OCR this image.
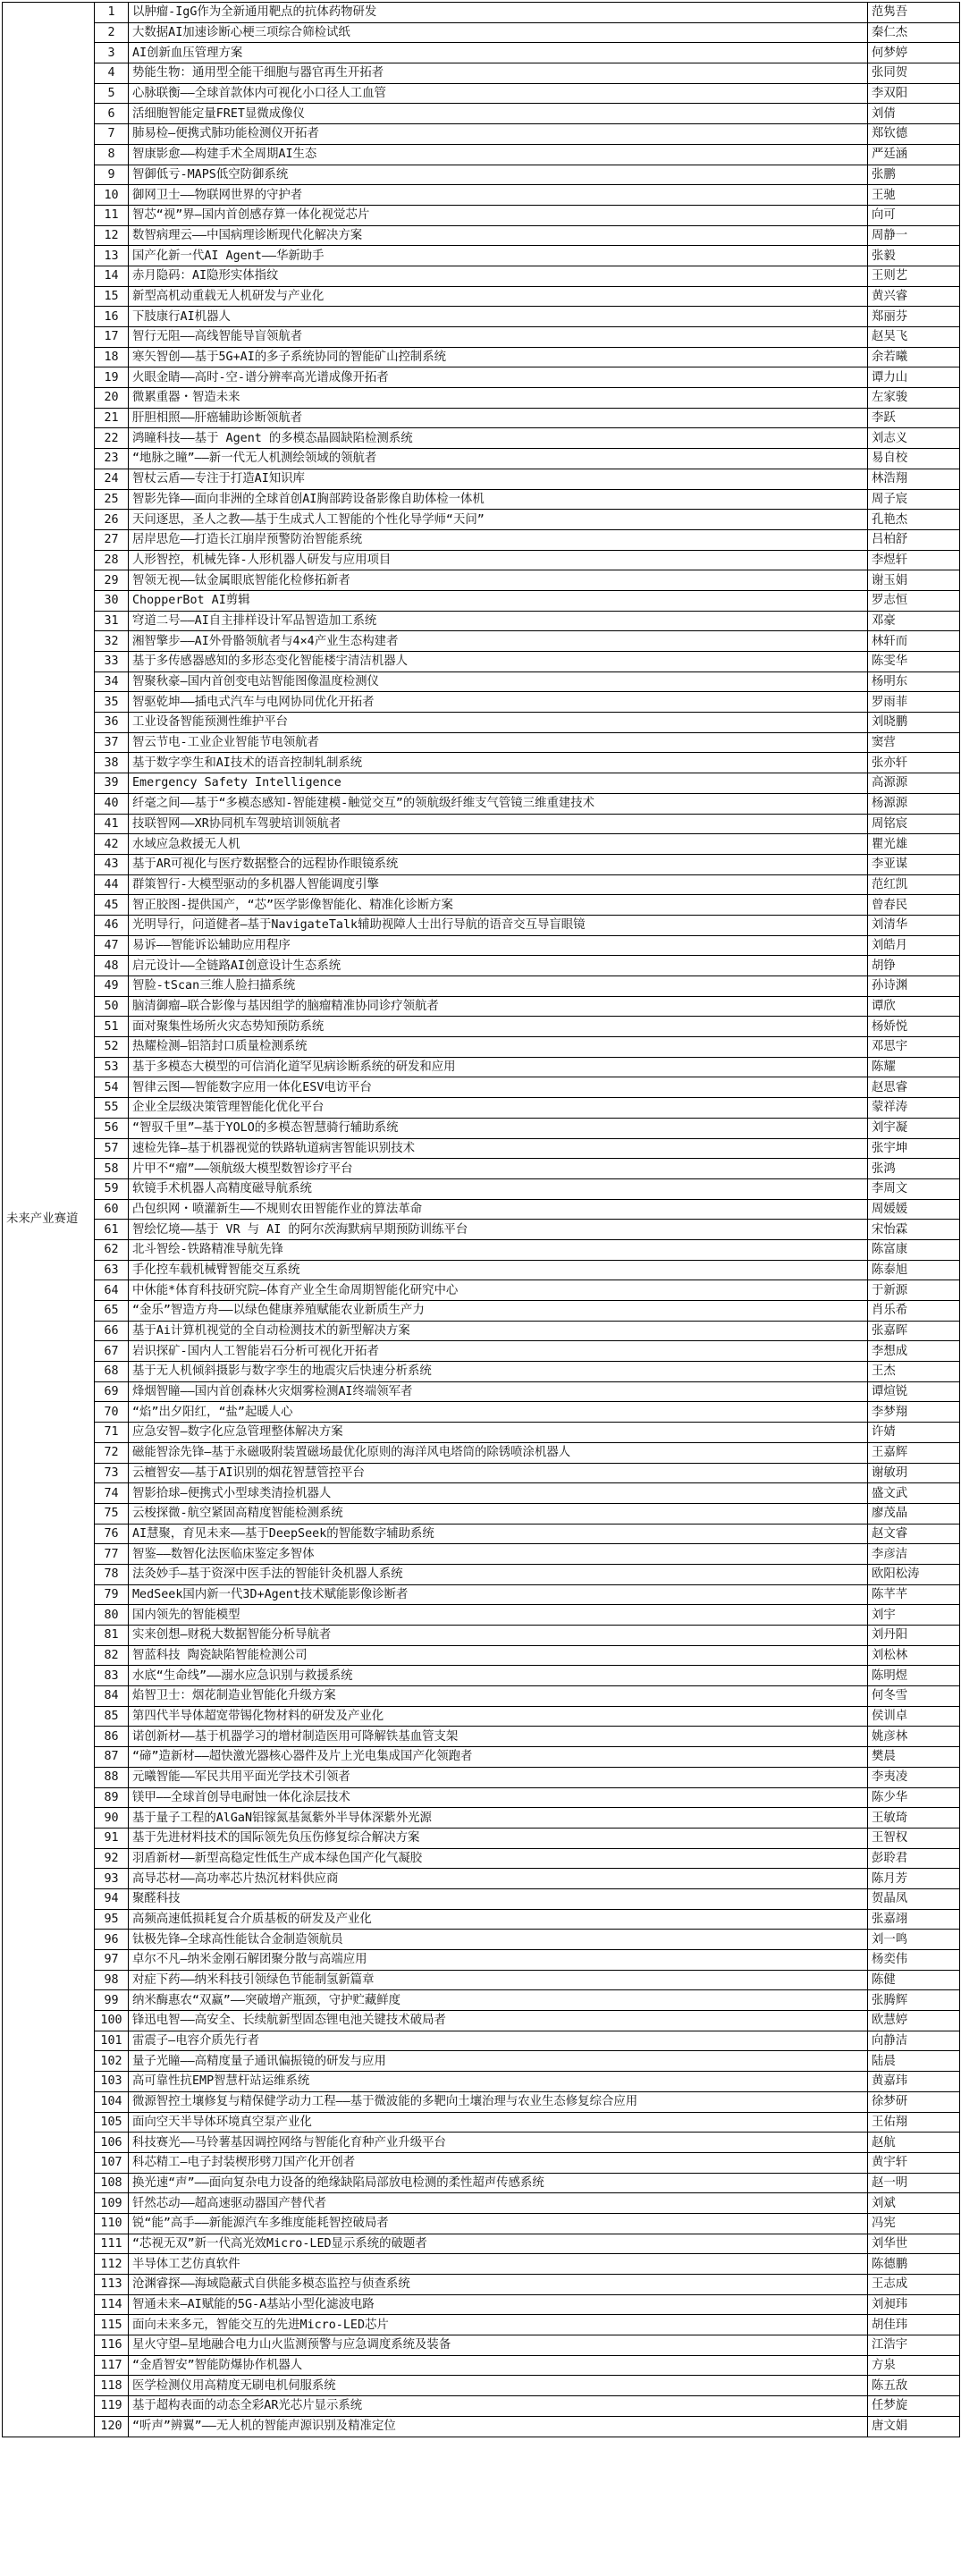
未来产业赛道	1	以肿瘤-IgG作为全新通用靶点的抗体药物研发	范隽吾
	2	大数据AI加速诊断心梗三项综合筛检试纸	秦仁杰
	3	AI创新血压管理方案	何梦婷
	4	势能生物：通用型全能干细胞与器官再生开拓者	张同贺
	5	心脉联衡——全球首款体内可视化小口径人工血管	李双阳
	6	活细胞智能定量FRET显微成像仪	刘倩
	7	肺易检—便携式肺功能检测仪开拓者	郑钦德
	8	智康影愈——构建手术全周期AI生态	严廷涵
	9	智御低亏-MAPS低空防御系统	张鹏
	10	御网卫士——物联网世界的守护者	王驰
	11	智芯“视”界—国内首创感存算一体化视觉芯片	向可
	12	数智病理云——中国病理诊断现代化解决方案	周静一
	13	国产化新一代AI Agent——华新助手	张毅
	14	赤月隐码：AI隐形实体指纹	王则艺
	15	新型高机动重载无人机研发与产业化	黄兴睿
	16	下肢康行AI机器人	郑丽芬
	17	智行无阻——高线智能导盲领航者	赵昊飞
	18	寒矢智创——基于5G+AI的多子系统协同的智能矿山控制系统	余若曦
	19	火眼金睛——高时-空-谱分辨率高光谱成像开拓者	谭力山
	20	微累重器・智造未来	左家骏
	21	肝胆相照——肝癌辅助诊断领航者	李跃
	22	鸿瞳科技——基于 Agent 的多模态晶圆缺陷检测系统	刘志义
	23	“地脉之瞳”——新一代无人机测绘领域的领航者	易自校
	24	智杖云盾——专注于打造AI知识库	林浩翔
	25	智影先锋——面向非洲的全球首创AI胸部跨设备影像自助体检一体机	周子宸
	26	天问逐思，圣人之教——基于生成式人工智能的个性化导学师“天问”	孔艳杰
	27	居岸思危——打造长江崩岸预警防治智能系统	吕柏舒
	28	人形智控，机械先锋-人形机器人研发与应用项目	李煜轩
	29	智领无视——钛金属眼底智能化检修拓新者	谢玉娟
	30	ChopperBot AI剪辑	罗志恒
	31	穹道二号——AI自主排样设计军品智造加工系统	邓豪
	32	湘智擎步——AI外骨骼领航者与4×4产业生态构建者	林轩而
	33	基于多传感器感知的多形态变化智能楼宇清洁机器人	陈雯华
	34	智聚秋豪—国内首创变电站智能图像温度检测仪	杨明东
	35	智驱乾坤——插电式汽车与电网协同优化开拓者	罗雨菲
	36	工业设备智能预测性维护平台	刘晓鹏
	37	智云节电-工业企业智能节电领航者	窦营
	38	基于数字孪生和AI技术的语音控制轧制系统	张亦轩
	39	Emergency Safety Intelligence	高源源
	40	纤毫之间——基于“多模态感知-智能建模-触觉交互”的领航级纤维支气管镜三维重建技术	杨源源
	41	技联智网——XR协同机车驾驶培训领航者	周铭宸
	42	水域应急救援无人机	瞿光雄
	43	基于AR可视化与医疗数据整合的远程协作眼镜系统	李亚谋
	44	群策智行-大模型驱动的多机器人智能调度引擎	范红凯
	45	智正胶图-提供国产，“芯”医学影像智能化、精准化诊断方案	曾春民
	46	光明导行，问道健者—基于NavigateTalk辅助视障人士出行导航的语音交互导盲眼镜	刘清华
	47	易诉——智能诉讼辅助应用程序	刘皓月
	48	启元设计——全链路AI创意设计生态系统	胡铮
	49	智脸-tScan三维人脸扫描系统	孙诗渊
	50	脑清御瘤—联合影像与基因组学的脑瘤精准协同诊疗领航者	谭欣
	51	面对聚集性场所火灾态势知预防系统	杨娇悦
	52	热耀检测—铝箔封口质量检测系统	邓思宇
	53	基于多模态大模型的可信消化道罕见病诊断系统的研发和应用	陈耀
	54	智律云图——智能数字应用一体化ESV电访平台	赵思睿
	55	企业全层级决策管理智能化优化平台	蒙祥涛
	56	“智驭千里”—基于YOLO的多模态智慧骑行辅助系统	刘宇凝
	57	速检先锋—基于机器视觉的铁路轨道病害智能识别技术	张宇坤
	58	片甲不“瘤”——领航级大模型数智诊疗平台	张鸿
	59	软镜手术机器人高精度磁导航系统	李周文
	60	凸包织网・喷灌新生——不规则农田智能作业的算法革命	周媛媛
	61	智绘忆境——基于 VR 与 AI 的阿尔茨海默病早期预防训练平台	宋怡霖
	62	北斗智绘-铁路精准导航先锋	陈富康
	63	手化控车载机械臂智能交互系统	陈泰旭
	64	中休能*体育科技研究院—体育产业全生命周期智能化研究中心	于新源
	65	“金乐”智造方舟——以绿色健康养殖赋能农业新质生产力	肖乐希
	66	基于Ai计算机视觉的全自动检测技术的新型解决方案	张嘉晖
	67	岩识探矿-国内人工智能岩石分析可视化开拓者	李想成
	68	基于无人机倾斜摄影与数字孪生的地震灾后快速分析系统	王杰
	69	烽烟智瞳——国内首创森林火灾烟雾检测AI终端领军者	谭煊锐
	70	“焰”出夕阳红，“盐”起暖人心	李梦翔
	71	应急安智—数字化应急管理整体解决方案	许婧
	72	磁能智涂先锋—基于永磁吸附装置磁场最优化原则的海洋风电塔筒的除锈喷涂机器人	王嘉辉
	73	云檀智安——基于AI识别的烟花智慧管控平台	谢敏玥
	74	智影拾球—便携式小型球类清捡机器人	盛文武
	75	云梭探微-航空紧固高精度智能检测系统	廖茂晶
	76	AI慧聚，育见未来——基于DeepSeek的智能数字辅助系统	赵文睿
	77	智鉴——数智化法医临床鉴定多智体	李彦洁
	78	法灸妙手—基于资深中医手法的智能针灸机器人系统	欧阳松涛
	79	MedSeek国内新一代3D+Agent技术赋能影像诊断者	陈芊芊
	80	国内领先的智能模型	刘宇
	81	实来创想—财税大数据智能分析导航者	刘丹阳
	82	智蓝科技 陶瓷缺陷智能检测公司	刘松林
	83	水底“生命线”——溺水应急识别与救援系统	陈明煜
	84	焰智卫士：烟花制造业智能化升级方案	何冬雪
	85	第四代半导体超宽带锡化物材料的研发及产业化	侯训卓
	86	诺创新材——基于机器学习的增材制造医用可降解铁基血管支架	姚彦林
	87	“碲”造新材——超快激光器核心器件及片上光电集成国产化领跑者	樊晨
	88	元曦智能——军民共用平面光学技术引领者	李夷凌
	89	镁甲——全球首创导电耐蚀一体化涂层技术	陈少华
	90	基于量子工程的AlGaN铝镓氮基氮紫外半导体深紫外光源	王敏琦
	91	基于先进材料技术的国际领先负压伤修复综合解决方案	王智权
	92	羽盾新材——新型高稳定性低生产成本绿色国产化气凝胶	彭聆君
	93	高导芯材——高功率芯片热沉材料供应商	陈月芳
	94	聚醛科技	贺晶凤
	95	高频高速低损耗复合介质基板的研发及产业化	张嘉翊
	96	钛极先锋—全球高性能钛合金制造领航员	刘一鸣
	97	卓尔不凡—纳米金刚石解团聚分散与高端应用	杨奕伟
	98	对症下药——纳米科技引领绿色节能制氢新篇章	陈健
	99	纳米酶惠农“双赢”——突破增产瓶颈，守护贮藏鲜度	张腾辉
	100	锋迅电智——高安全、长续航新型固态锂电池关键技术破局者	欧慧婷
	101	雷震子—电容介质先行者	向静洁
	102	量子光瞳——高精度量子通讯偏振镜的研发与应用	陆晨
	103	高可靠性抗EMP智慧杆站运维系统	黄嘉玮
	104	微源智控土壤修复与精保健学动力工程——基于微波能的多靶向土壤治理与农业生态修复综合应用	徐梦研
	105	面向空天半导体环境真空泵产业化	王佑翔
	106	科技赛光——马铃薯基因调控网络与智能化育种产业升级平台	赵航
	107	科芯精工—电子封装楔形劈刀国产化开创者	黄宇轩
	108	换光速“声”——面向复杂电力设备的绝缘缺陷局部放电检测的柔性超声传感系统	赵一明
	109	钎然芯动——超高速驱动器国产替代者	刘斌
	110	锐“能”高手——新能源汽车多维度能耗智控破局者	冯宪
	111	“芯视无双”新一代高光效Micro-LED显示系统的破题者	刘华世
	112	半导体工艺仿真软件	陈德鹏
	113	沧渊睿探——海域隐蔽式自供能多模态监控与侦查系统	王志成
	114	智通未来—AI赋能的5G-A基站小型化滤波电路	刘昶玮
	115	面向未来多元，智能交互的先进Micro-LED芯片	胡佳玮
	116	星火守望—星地融合电力山火监测预警与应急调度系统及装备	江浩宇
	117	“金盾智安”智能防爆协作机器人	方泉
	118	医学检测仪用高精度无刷电机伺服系统	陈五敌
	119	基于超构表面的动态全彩AR光芯片显示系统	任梦旋
	120	“听声”辨翼”——无人机的智能声源识别及精准定位	唐文娟
